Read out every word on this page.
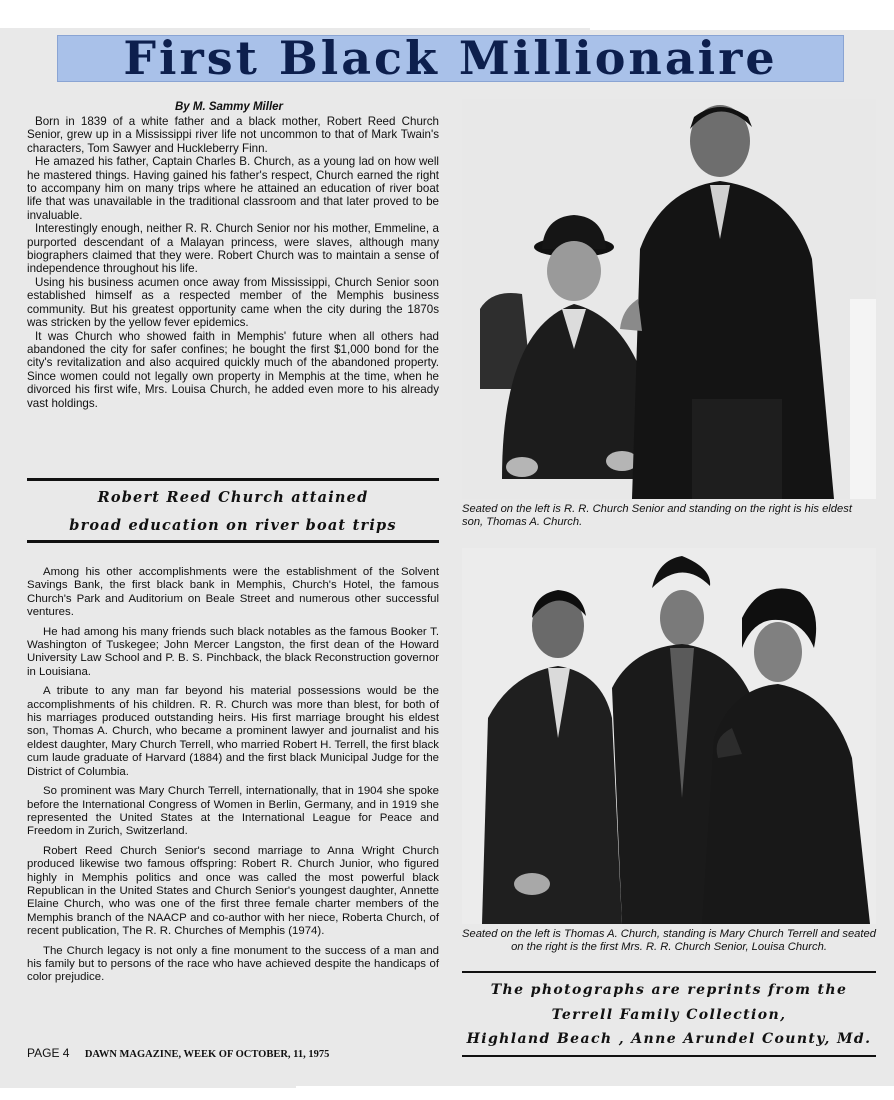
First Black Millionaire
By M. Sammy Miller

Born in 1839 of a white father and a black mother, Robert Reed Church Senior, grew up in a Mississippi river life not uncommon to that of Mark Twain's characters, Tom Sawyer and Huckleberry Finn.

He amazed his father, Captain Charles B. Church, as a young lad on how well he mastered things. Having gained his father's respect, Church earned the right to accompany him on many trips where he attained an education of river boat life that was unavailable in the traditional classroom and that later proved to be invaluable.

Interestingly enough, neither R. R. Church Senior nor his mother, Emmeline, a purported descendant of a Malayan princess, were slaves, although many biographers claimed that they were. Robert Church was to maintain a sense of independence throughout his life.

Using his business acumen once away from Mississippi, Church Senior soon established himself as a respected member of the Memphis business community. But his greatest opportunity came when the city during the 1870s was stricken by the yellow fever epidemics.

It was Church who showed faith in Memphis' future when all others had abandoned the city for safer confines; he bought the first $1,000 bond for the city's revitalization and also acquired quickly much of the abandoned property. Since women could not legally own property in Memphis at the time, when he divorced his first wife, Mrs. Louisa Church, he added even more to his already vast holdings.

Robert Reed Church attained
broad education on river boat trips

Among his other accomplishments were the establishment of the Solvent Savings Bank, the first black bank in Memphis, Church's Hotel, the famous Church's Park and Auditorium on Beale Street and numerous other successful ventures.

He had among his many friends such black notables as the famous Booker T. Washington of Tuskegee; John Mercer Langston, the first dean of the Howard University Law School and P. B. S. Pinchback, the black Reconstruction governor in Louisiana.

A tribute to any man far beyond his material possessions would be the accomplishments of his children. R. R. Church was more than blest, for both of his marriages produced outstanding heirs. His first marriage brought his eldest son, Thomas A. Church, who became a prominent lawyer and journalist and his eldest daughter, Mary Church Terrell, who married Robert H. Terrell, the first black cum laude graduate of Harvard (1884) and the first black Municipal Judge for the District of Columbia.

So prominent was Mary Church Terrell, internationally, that in 1904 she spoke before the International Congress of Women in Berlin, Germany, and in 1919 she represented the United States at the International League for Peace and Freedom in Zurich, Switzerland.

Robert Reed Church Senior's second marriage to Anna Wright Church produced likewise two famous offspring: Robert R. Church Junior, who figured highly in Memphis politics and once was called the most powerful black Republican in the United States and Church Senior's youngest daughter, Annette Elaine Church, who was one of the first three female charter members of the Memphis branch of the NAACP and co-author with her niece, Roberta Church, of recent publication, The R. R. Churches of Memphis (1974).

The Church legacy is not only a fine monument to the success of a man and his family but to persons of the race who have achieved despite the handicaps of color prejudice.

Seated on the left is R. R. Church Senior and standing on the right is his eldest son, Thomas A. Church.
Seated on the left is Thomas A. Church, standing is Mary Church Terrell and seated on the right is the first Mrs. R. R. Church Senior, Louisa Church.
The photographs are reprints from the
Terrell Family Collection,
Highland Beach , Anne Arundel County, Md.
PAGE 4 DAWN MAGAZINE, WEEK OF OCTOBER, 11, 1975
